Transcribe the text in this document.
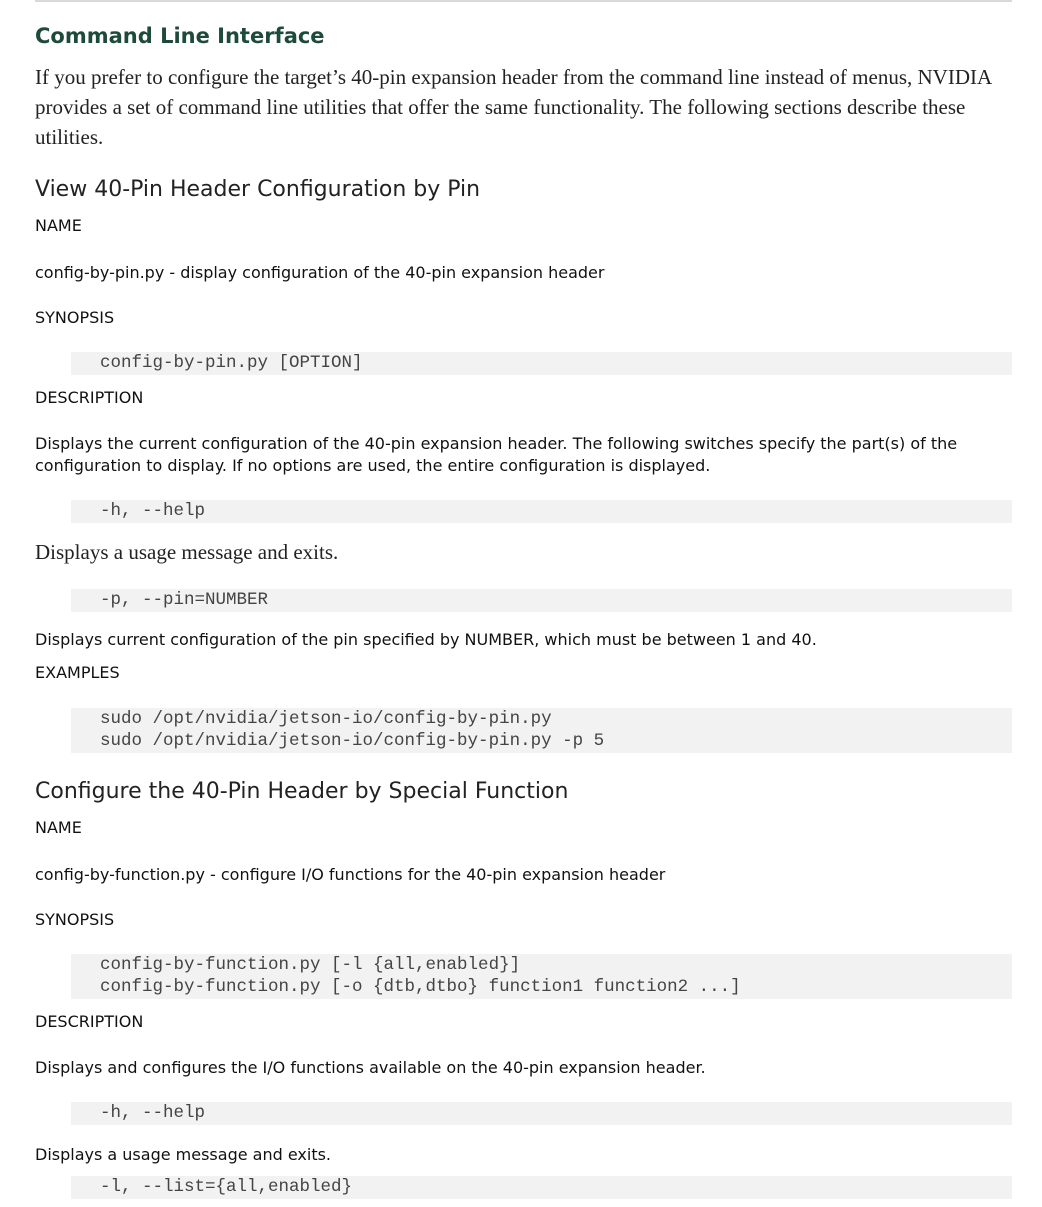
Command Line Interface

If you prefer to configure the target’s 40-pin expansion header from the command line instead of menus, NVIDIA provides a set of command line utilities that offer the same functionality. The following sections describe these utilities.

View 40-Pin Header Configuration by Pin
NAME
config-by-pin.py - display configuration of the 40-pin expansion header
SYNOPSIS
config-by-pin.py [OPTION]
DESCRIPTION

Displays the current configuration of the 40-pin expansion header. The following switches specify the part(s) of the configuration to display. If no options are used, the entire configuration is displayed.

-h, --help
Displays a usage message and exits.
-p, --pin=NUMBER
Displays current configuration of the pin specified by NUMBER, which must be between 1 and 40.
EXAMPLES
sudo /opt/nvidia/jetson-io/config-by-pin.py
sudo /opt/nvidia/jetson-io/config-by-pin.py -p 5
Configure the 40-Pin Header by Special Function
NAME
config-by-function.py - configure I/O functions for the 40-pin expansion header
SYNOPSIS
config-by-function.py [-l {all,enabled}]
config-by-function.py [-o {dtb,dtbo} function1 function2 ...]
DESCRIPTION
Displays and configures the I/O functions available on the 40-pin expansion header.
-h, --help
Displays a usage message and exits.
-l, --list={all,enabled}
